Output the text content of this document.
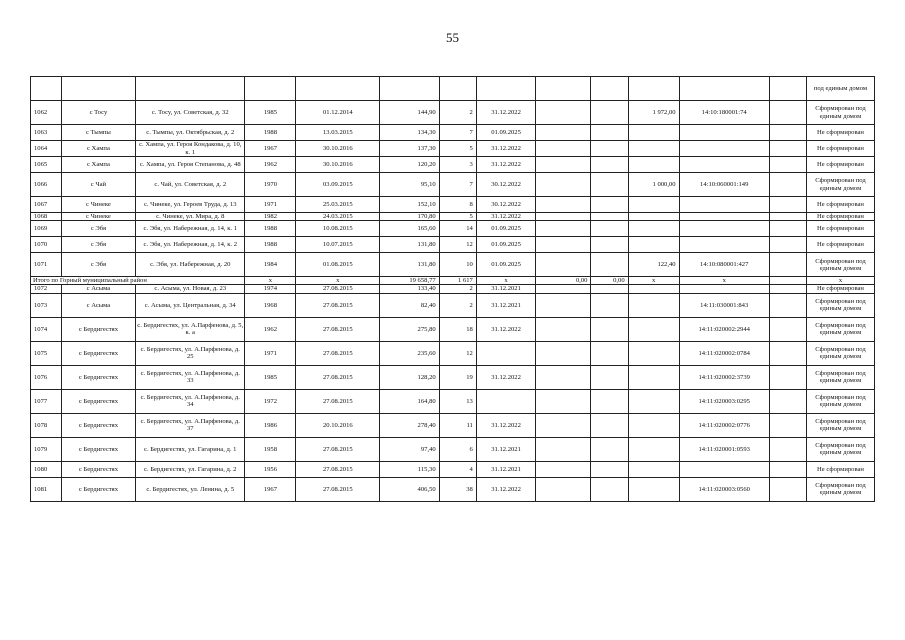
55
													под единым домом
1062	с Тосу	с. Тосу, ул. Советская, д. 32	1985	01.12.2014	144,90	2	31.12.2022			1 972,00	14:10:180001:74		Сформирован под единым домом
1063	с Тымпы	с. Тымпы, ул. Октябрьская, д. 2	1988	13.03.2015	134,30	7	01.09.2025						Не сформирован
1064	с Хампа	с. Хампа, ул. Героя Кондакова, д. 10, к. 1	1967	30.10.2016	137,30	5	31.12.2022						Не сформирован
1065	с Хампа	с. Хампа, ул. Героя Степанова, д. 48	1962	30.10.2016	120,20	3	31.12.2022						Не сформирован
1066	с Чай	с. Чай, ул. Советская, д. 2	1970	03.09.2015	95,10	7	30.12.2022			1 000,00	14:10:060001:149		Сформирован под единым домом
1067	с Чинеке	с. Чинеке, ул. Героев Труда, д. 13	1971	25.03.2015	152,10	8	30.12.2022						Не сформирован
1068	с Чинеке	с. Чинеке, ул. Мира, д. 8	1982	24.03.2015	170,80	5	31.12.2022						Не сформирован
1069	с Эбя	с. Эбя, ул. Набережная, д. 14, к. 1	1988	10.08.2015	165,60	14	01.09.2025						Не сформирован
1070	с Эбя	с. Эбя, ул. Набережная, д. 14, к. 2	1988	10.07.2015	131,80	12	01.09.2025						Не сформирован
1071	с Эбя	с. Эбя, ул. Набережная, д. 20	1984	01.08.2015	131,80	10	01.09.2025			122,40	14:10:080001:427		Сформирован под единым домом
Итого по Горный муниципальный район			x	x	19 658,77	1 617	x	0,00	0,00	x	x		x
1072	с Асыма	с. Асыма, ул. Новая, д. 23	1974	27.08.2015	133,40	2	31.12.2021						Не сформирован
1073	с Асыма	с. Асыма, ул. Центральная, д. 34	1968	27.08.2015	82,40	2	31.12.2021				14:11:030001:843		Сформирован под единым домом
1074	с Бердигестях	с. Бердигестях, ул. А.Парфенова, д. 5, к. а	1962	27.08.2015	275,80	18	31.12.2022				14:11:020002:2944		Сформирован под единым домом
1075	с Бердигестях	с. Бердигестях, ул. А.Парфенова, д. 25	1971	27.08.2015	235,60	12					14:11:020002:0784		Сформирован под единым домом
1076	с Бердигестях	с. Бердигестях, ул. А.Парфенова, д. 33	1985	27.08.2015	128,20	19	31.12.2022				14:11:020002:3739		Сформирован под единым домом
1077	с Бердигестях	с. Бердигестях, ул. А.Парфенова, д. 34	1972	27.08.2015	164,80	13					14:11:020003:0295		Сформирован под единым домом
1078	с Бердигестях	с. Бердигестях, ул. А.Парфенова, д. 37	1986	20.10.2016	278,40	11	31.12.2022				14:11:020002:0776		Сформирован под единым домом
1079	с Бердигестях	с. Бердигестях, ул. Гагарина, д. 1	1958	27.08.2015	97,40	6	31.12.2021				14:11:020001:0593		Сформирован под единым домом
1080	с Бердигестях	с. Бердигестях, ул. Гагарина, д. 2	1956	27.08.2015	115,30	4	31.12.2021						Не сформирован
1081	с Бердигестях	с. Бердигестях, ул. Ленина, д. 5	1967	27.08.2015	406,50	38	31.12.2022				14:11:020003:0560		Сформирован под единым домом
